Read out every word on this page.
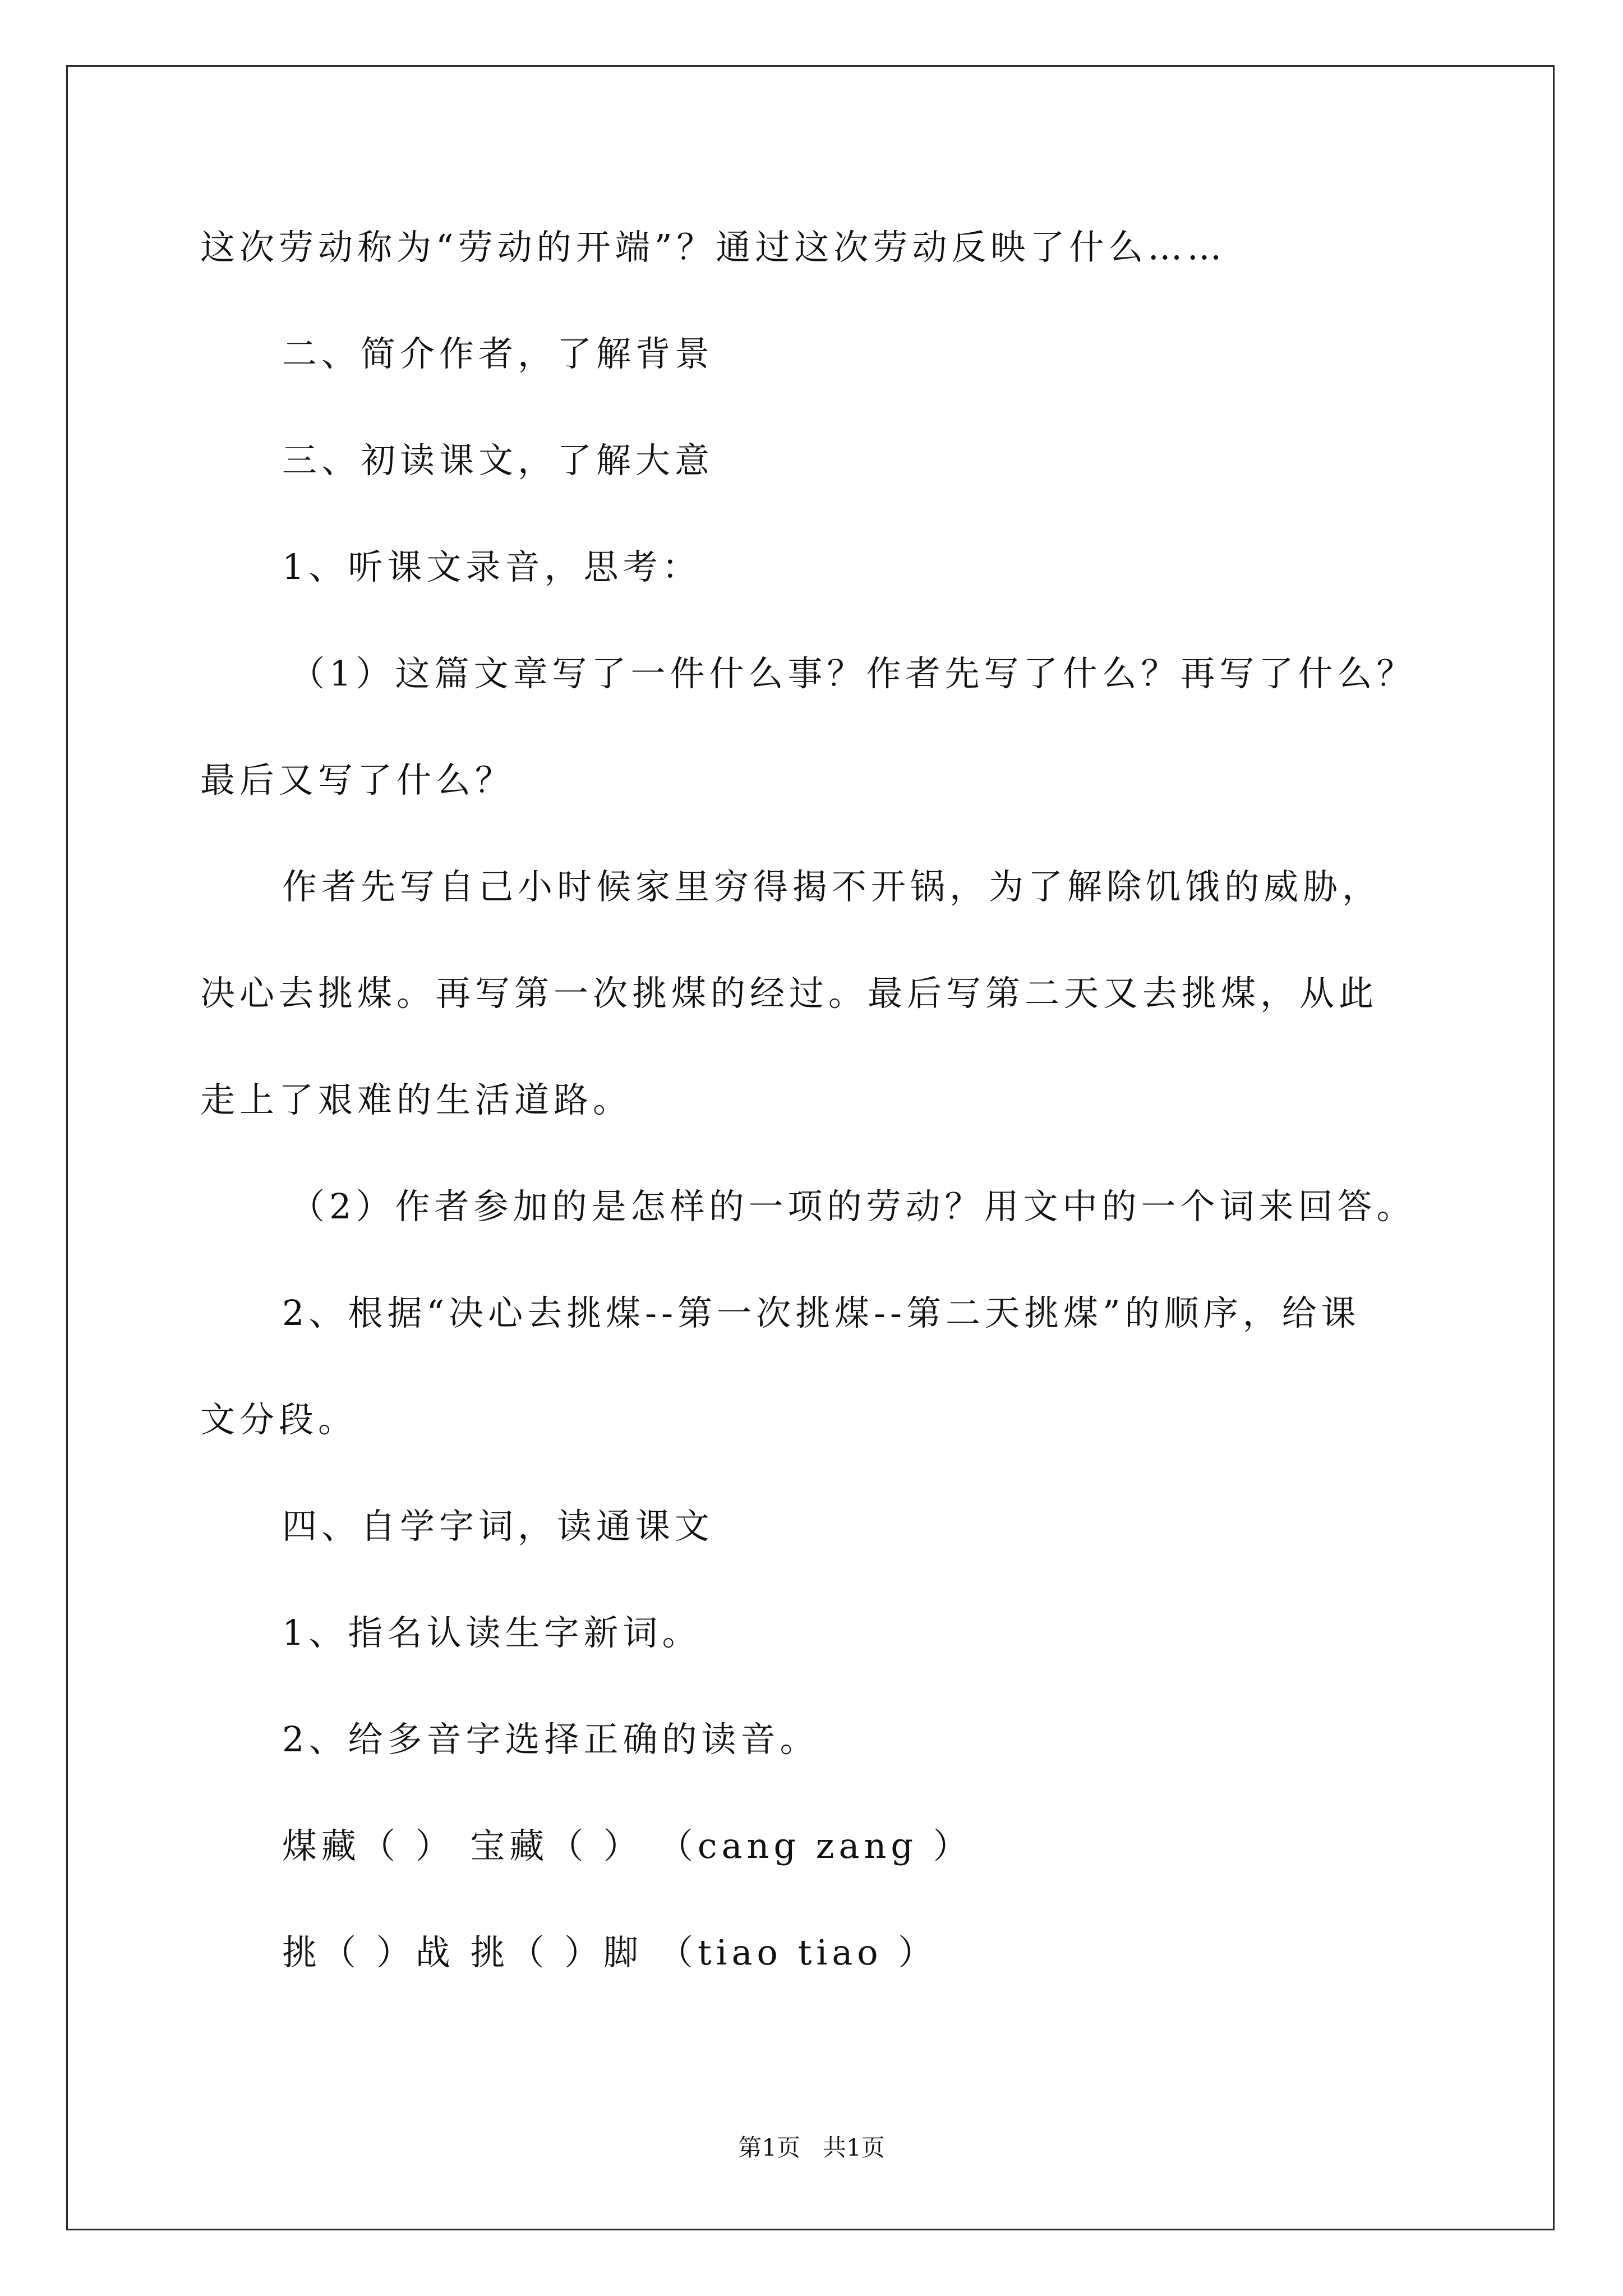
这次劳动称为“劳动的开端”？通过这次劳动反映了什么……
二、简介作者，了解背景
三、初读课文，了解大意
1、听课文录音，思考：
（1）这篇文章写了一件什么事？作者先写了什么？再写了什么？
最后又写了什么？
作者先写自己小时候家里穷得揭不开锅，为了解除饥饿的威胁，
决心去挑煤。再写第一次挑煤的经过。最后写第二天又去挑煤，从此
走上了艰难的生活道路。
（2）作者参加的是怎样的一项的劳动？用文中的一个词来回答。
2、根据“决心去挑煤--第一次挑煤--第二天挑煤”的顺序，给课
文分段。
四、自学字词，读通课文
1、指名认读生字新词。
2、给多音字选择正确的读音。
煤藏（ ） 宝藏（ ） （cang zang ）
挑（ ）战 挑（ ）脚 （tiao tiao ）
第1页   共1页
